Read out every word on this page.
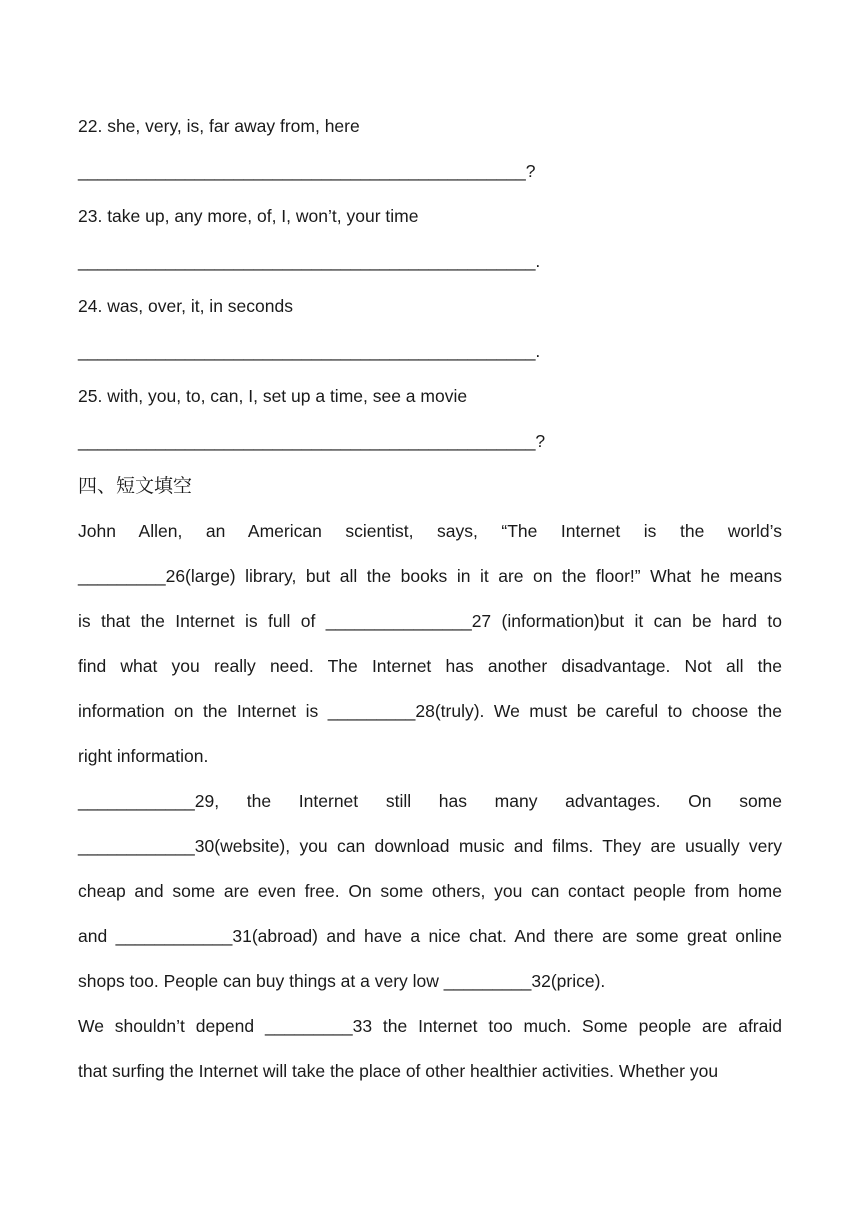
22. she, very, is, far away from, here
______________________________________________?
23. take up, any more, of, I, won’t, your time
_______________________________________________.
24. was, over, it, in seconds
_______________________________________________.
25. with, you, to, can, I, set up a time, see a movie
_______________________________________________?
四、短文填空
John Allen, an American scientist, says, “The Internet is the world’s
_________26(large) library, but all the books in it are on the floor!” What he means
is that the Internet is full of _______________27 (information)but it can be hard to
find what you really need. The Internet has another disadvantage. Not all the
information on the Internet is _________28(truly). We must be careful to choose the
right information.
____________29, the Internet still has many advantages. On some
____________30(website), you can download music and films. They are usually very
cheap and some are even free. On some others, you can contact people from home
and ____________31(abroad) and have a nice chat. And there are some great online
shops too. People can buy things at a very low _________32(price).
We shouldn’t depend _________33 the Internet too much. Some people are afraid
that surfing the Internet will take the place of other healthier activities. Whether you
